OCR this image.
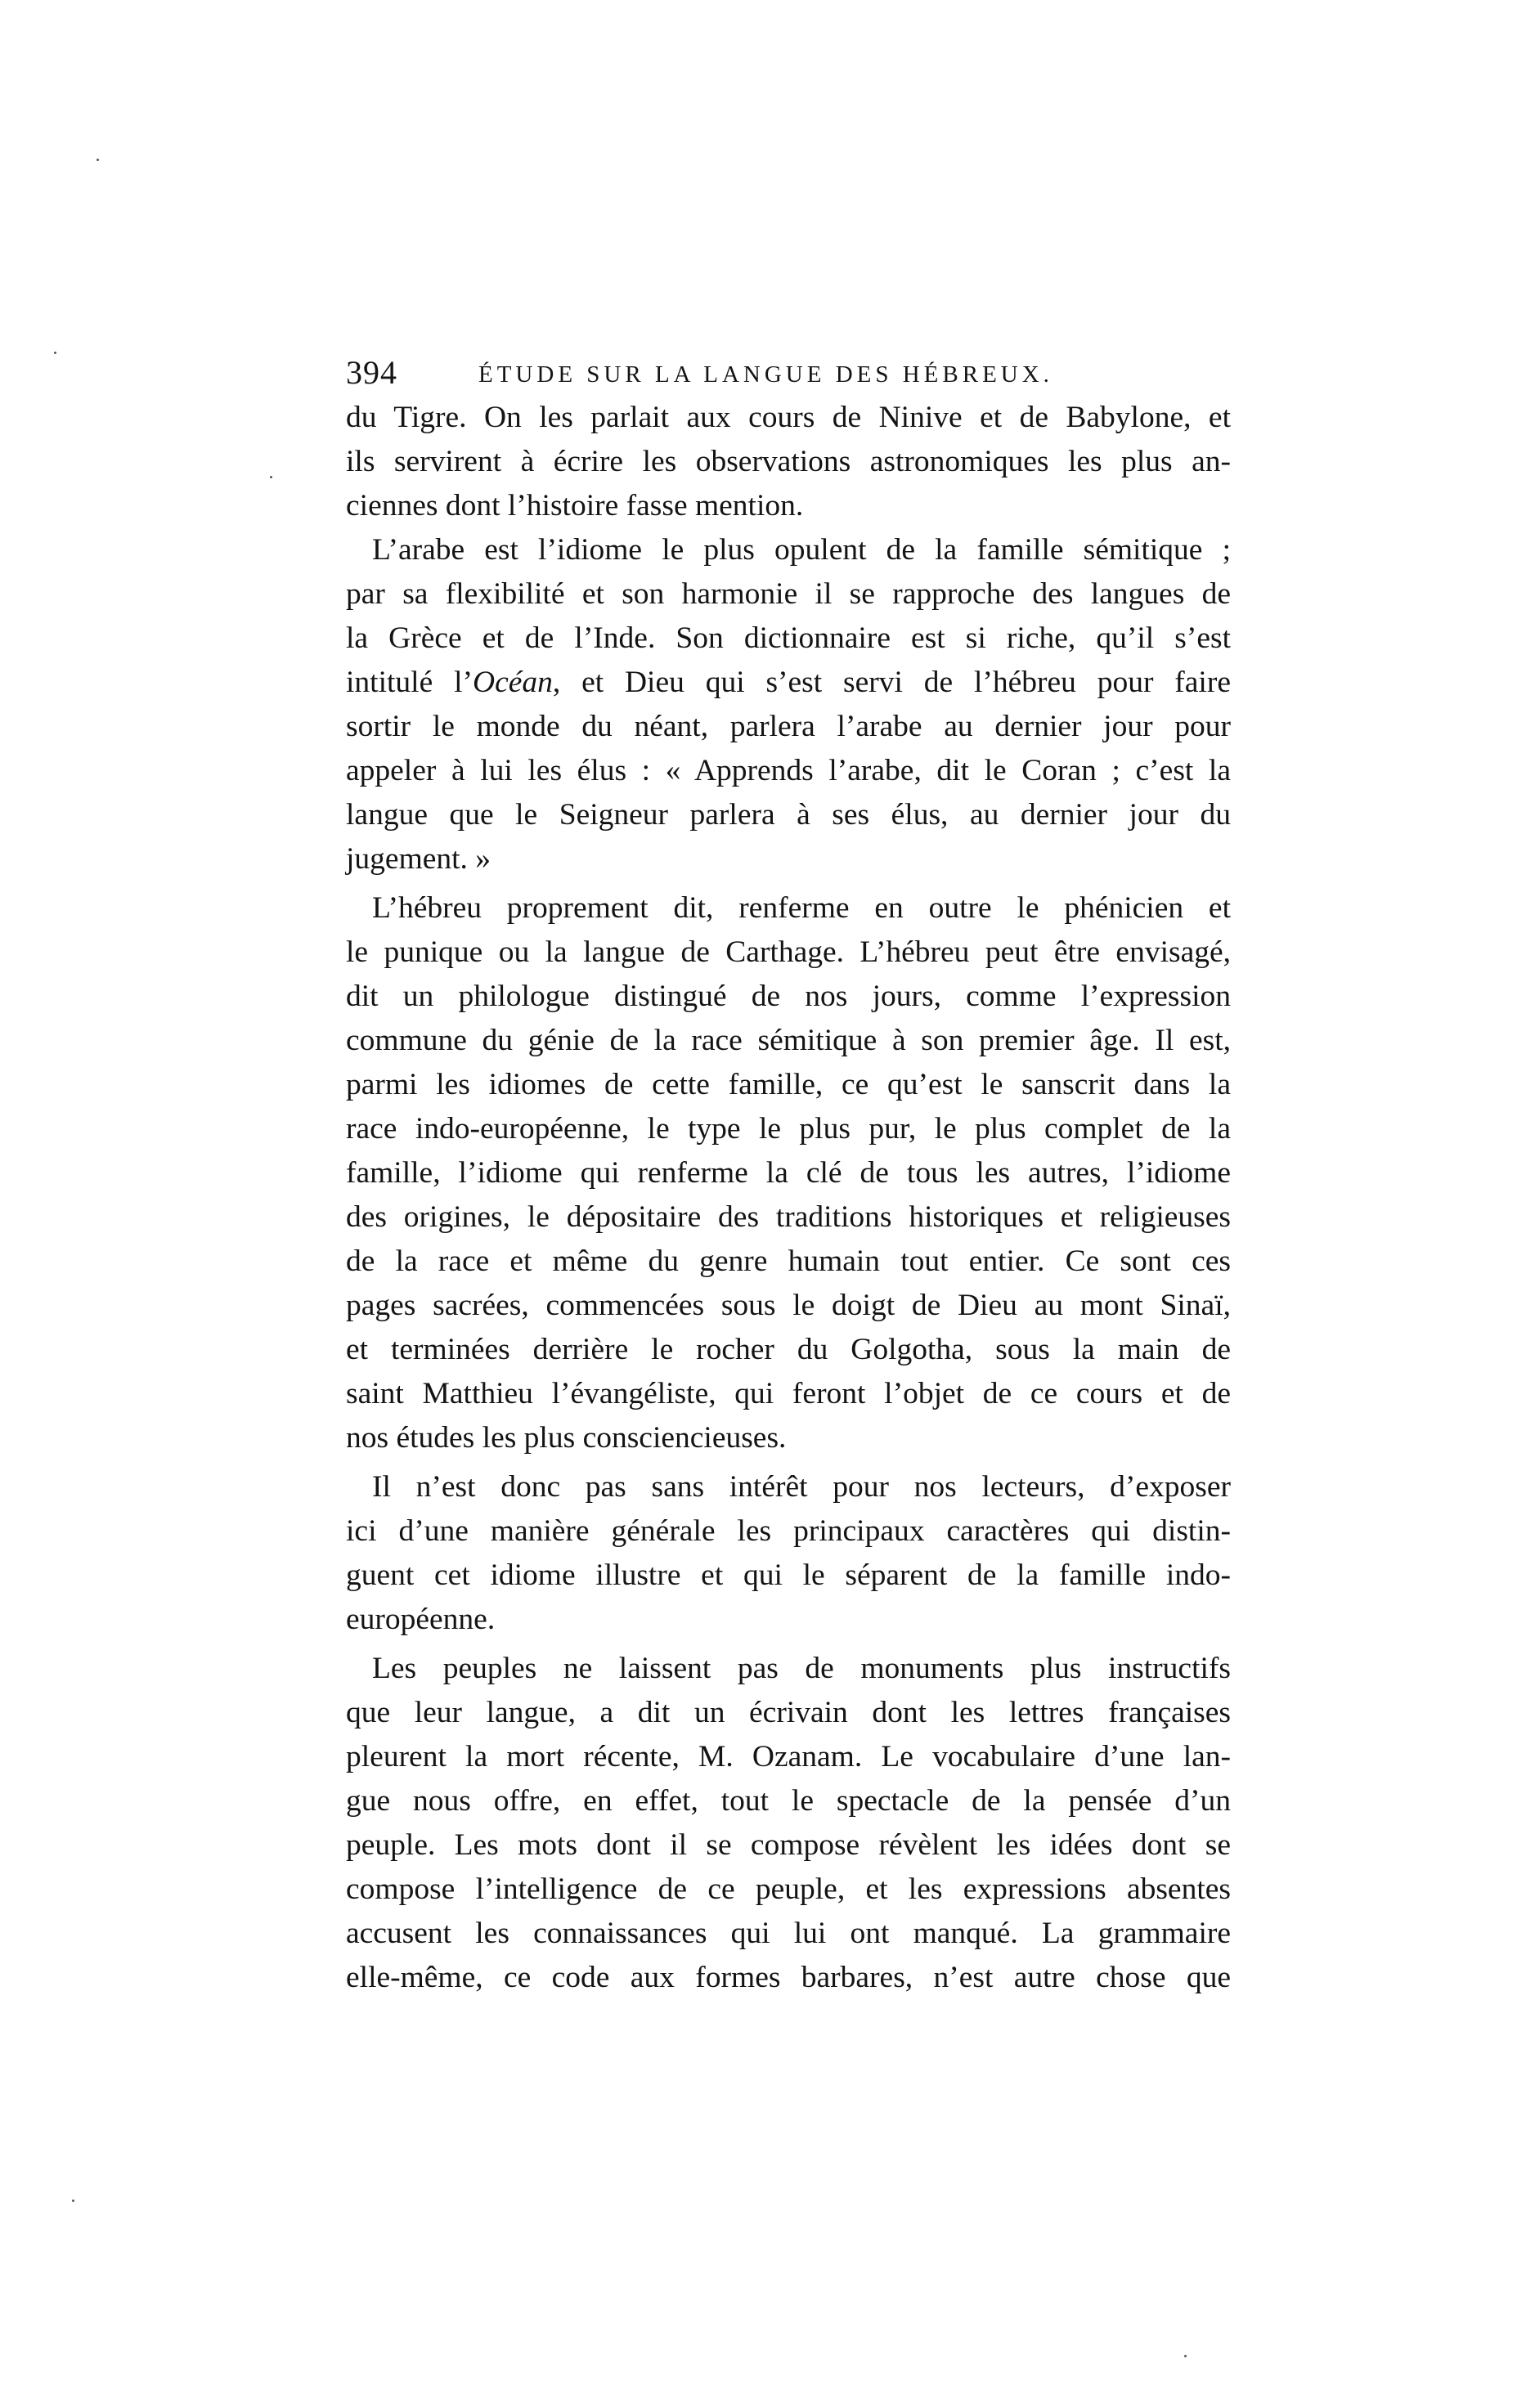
394	ÉTUDE SUR LA LANGUE DES HÉBREUX.

du Tigre. On les parlait aux cours de Ninive et de Babylone, et
ils servirent à écrire les observations astronomiques les plus an-
ciennes dont l’histoire fasse mention.

L’arabe est l’idiome le plus opulent de la famille sémitique ;
par sa flexibilité et son harmonie il se rapproche des langues de
la Grèce et de l’Inde. Son dictionnaire est si riche, qu’il s’est
intitulé l’Océan, et Dieu qui s’est servi de l’hébreu pour faire
sortir le monde du néant, parlera l’arabe au dernier jour pour
appeler à lui les élus : « Apprends l’arabe, dit le Coran ; c’est la
langue que le Seigneur parlera à ses élus, au dernier jour du
jugement. »

L’hébreu proprement dit, renferme en outre le phénicien et
le punique ou la langue de Carthage. L’hébreu peut être envisagé,
dit un philologue distingué de nos jours, comme l’expression
commune du génie de la race sémitique à son premier âge. Il est,
parmi les idiomes de cette famille, ce qu’est le sanscrit dans la
race indo-européenne, le type le plus pur, le plus complet de la
famille, l’idiome qui renferme la clé de tous les autres, l’idiome
des origines, le dépositaire des traditions historiques et religieuses
de la race et même du genre humain tout entier. Ce sont ces
pages sacrées, commencées sous le doigt de Dieu au mont Sinaï,
et terminées derrière le rocher du Golgotha, sous la main de
saint Matthieu l’évangéliste, qui feront l’objet de ce cours et de
nos études les plus consciencieuses.

Il n’est donc pas sans intérêt pour nos lecteurs, d’exposer
ici d’une manière générale les principaux caractères qui distin-
guent cet idiome illustre et qui le séparent de la famille indo-
européenne.

Les peuples ne laissent pas de monuments plus instructifs
que leur langue, a dit un écrivain dont les lettres françaises
pleurent la mort récente, M. Ozanam. Le vocabulaire d’une lan-
gue nous offre, en effet, tout le spectacle de la pensée d’un
peuple. Les mots dont il se compose révèlent les idées dont se
compose l’intelligence de ce peuple, et les expressions absentes
accusent les connaissances qui lui ont manqué. La grammaire
elle-même, ce code aux formes barbares, n’est autre chose que
